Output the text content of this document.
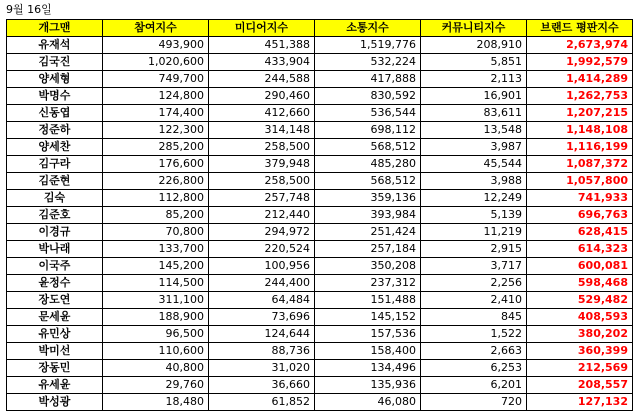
9월 16일
개그맨	참여지수	미디어지수	소통지수	커뮤니티지수	브랜드 평판지수
유재석	493,900	451,388	1,519,776	208,910	2,673,974
김국진	1,020,600	433,904	532,224	5,851	1,992,579
양세형	749,700	244,588	417,888	2,113	1,414,289
박명수	124,800	290,460	830,592	16,901	1,262,753
신동엽	174,400	412,660	536,544	83,611	1,207,215
정준하	122,300	314,148	698,112	13,548	1,148,108
양세찬	285,200	258,500	568,512	3,987	1,116,199
김구라	176,600	379,948	485,280	45,544	1,087,372
김준현	226,800	258,500	568,512	3,988	1,057,800
김숙	112,800	257,748	359,136	12,249	741,933
김준호	85,200	212,440	393,984	5,139	696,763
이경규	70,800	294,972	251,424	11,219	628,415
박나래	133,700	220,524	257,184	2,915	614,323
이국주	145,200	100,956	350,208	3,717	600,081
윤정수	114,500	244,400	237,312	2,256	598,468
장도연	311,100	64,484	151,488	2,410	529,482
문세윤	188,900	73,696	145,152	845	408,593
유민상	96,500	124,644	157,536	1,522	380,202
박미선	110,600	88,736	158,400	2,663	360,399
장동민	40,800	31,020	134,496	6,253	212,569
유세윤	29,760	36,660	135,936	6,201	208,557
박성광	18,480	61,852	46,080	720	127,132
